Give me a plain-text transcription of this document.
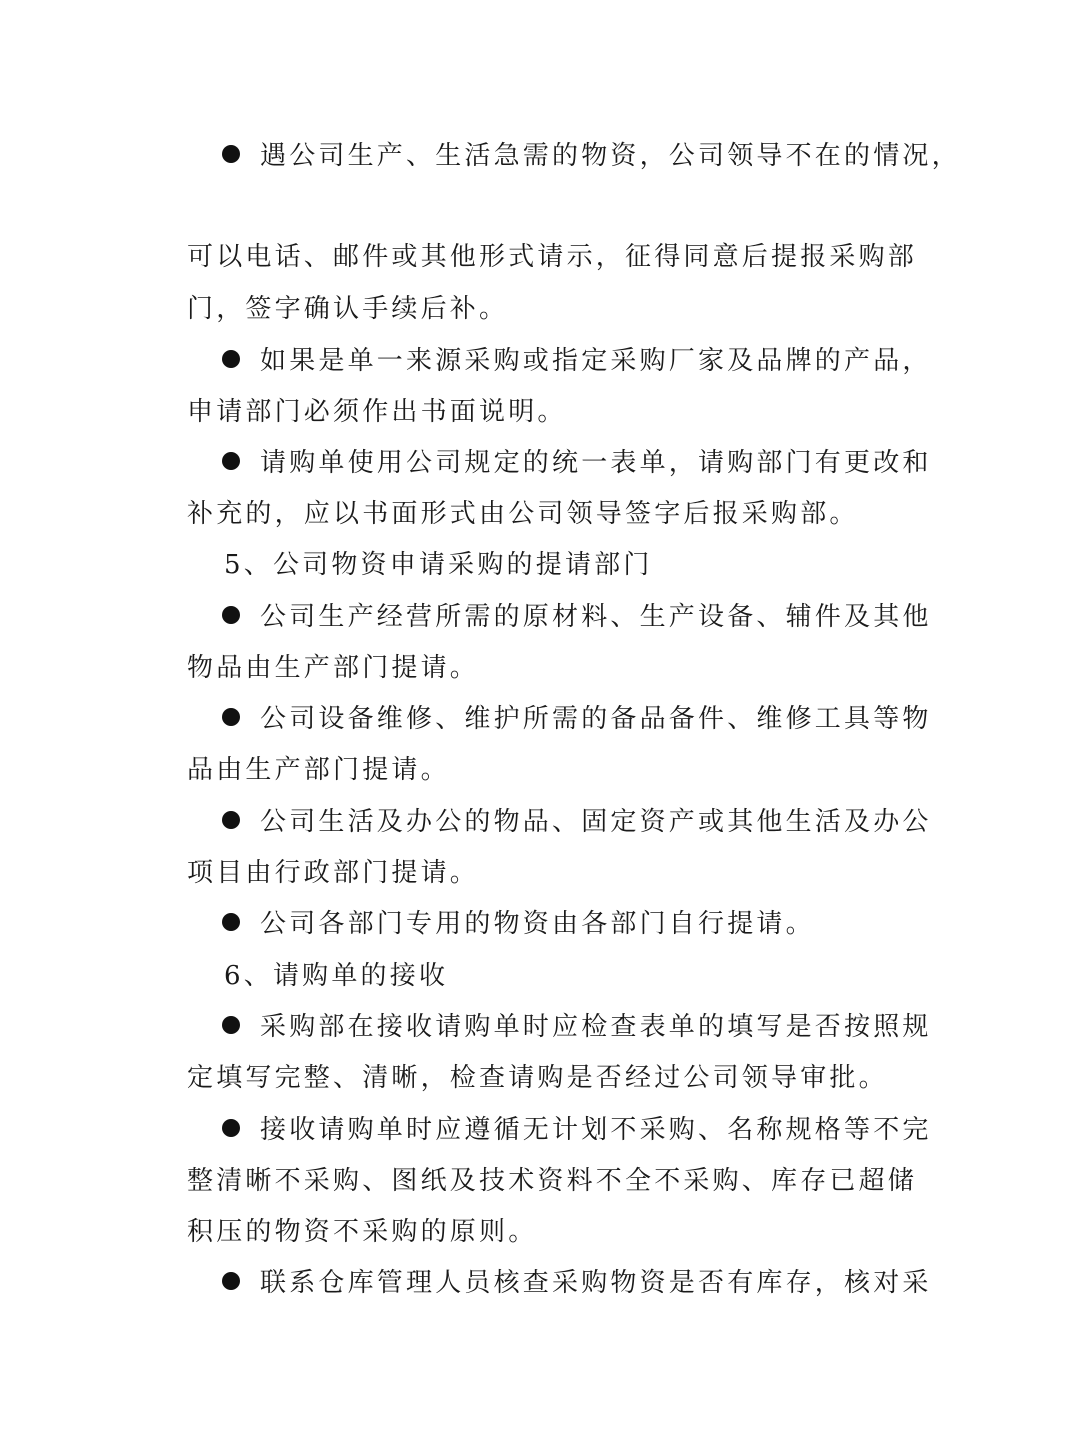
遇公司生产、生活急需的物资，公司领导不在的情况，
可以电话、邮件或其他形式请示，征得同意后提报采购部
门，签字确认手续后补。
如果是单一来源采购或指定采购厂家及品牌的产品，
申请部门必须作出书面说明。
请购单使用公司规定的统一表单，请购部门有更改和
补充的，应以书面形式由公司领导签字后报采购部。
5、公司物资申请采购的提请部门
公司生产经营所需的原材料、生产设备、辅件及其他
物品由生产部门提请。
公司设备维修、维护所需的备品备件、维修工具等物
品由生产部门提请。
公司生活及办公的物品、固定资产或其他生活及办公
项目由行政部门提请。
公司各部门专用的物资由各部门自行提请。
6、请购单的接收
采购部在接收请购单时应检查表单的填写是否按照规
定填写完整、清晰，检查请购是否经过公司领导审批。
接收请购单时应遵循无计划不采购、名称规格等不完
整清晰不采购、图纸及技术资料不全不采购、库存已超储
积压的物资不采购的原则。
联系仓库管理人员核查采购物资是否有库存，核对采
